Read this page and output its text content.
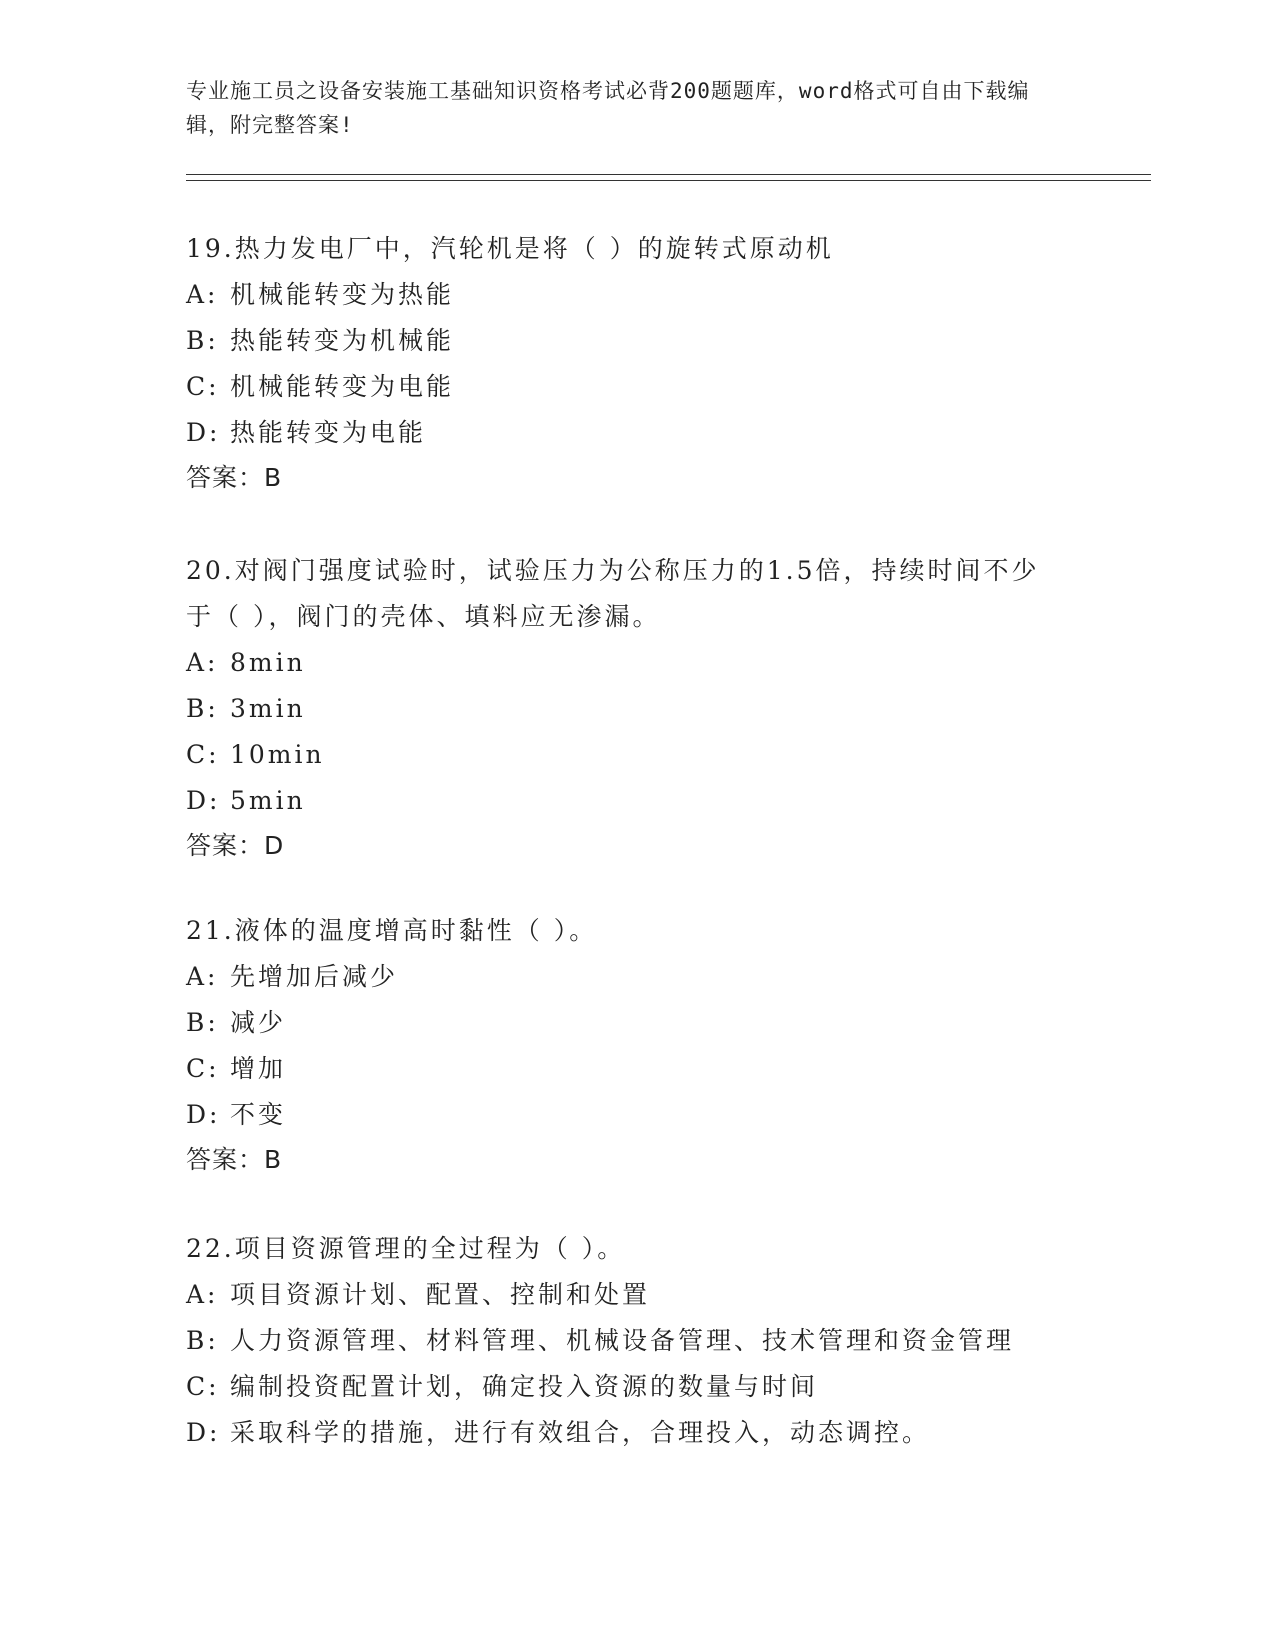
专业施工员之设备安装施工基础知识资格考试必背200题题库，word格式可自由下载编辑，附完整答案!
19.热力发电厂中，汽轮机是将（ ）的旋转式原动机
A: 机械能转变为热能
B: 热能转变为机械能
C: 机械能转变为电能
D: 热能转变为电能
答案：B
20.对阀门强度试验时，试验压力为公称压力的1.5倍，持续时间不少于（ ），阀门的壳体、填料应无渗漏。
A: 8min
B: 3min
C: 10min
D: 5min
答案：D
21.液体的温度增高时黏性（ ）。
A: 先增加后减少
B: 减少
C: 增加
D: 不变
答案：B
22.项目资源管理的全过程为（ ）。
A: 项目资源计划、配置、控制和处置
B: 人力资源管理、材料管理、机械设备管理、技术管理和资金管理
C: 编制投资配置计划，确定投入资源的数量与时间
D: 采取科学的措施，进行有效组合，合理投入，动态调控。
